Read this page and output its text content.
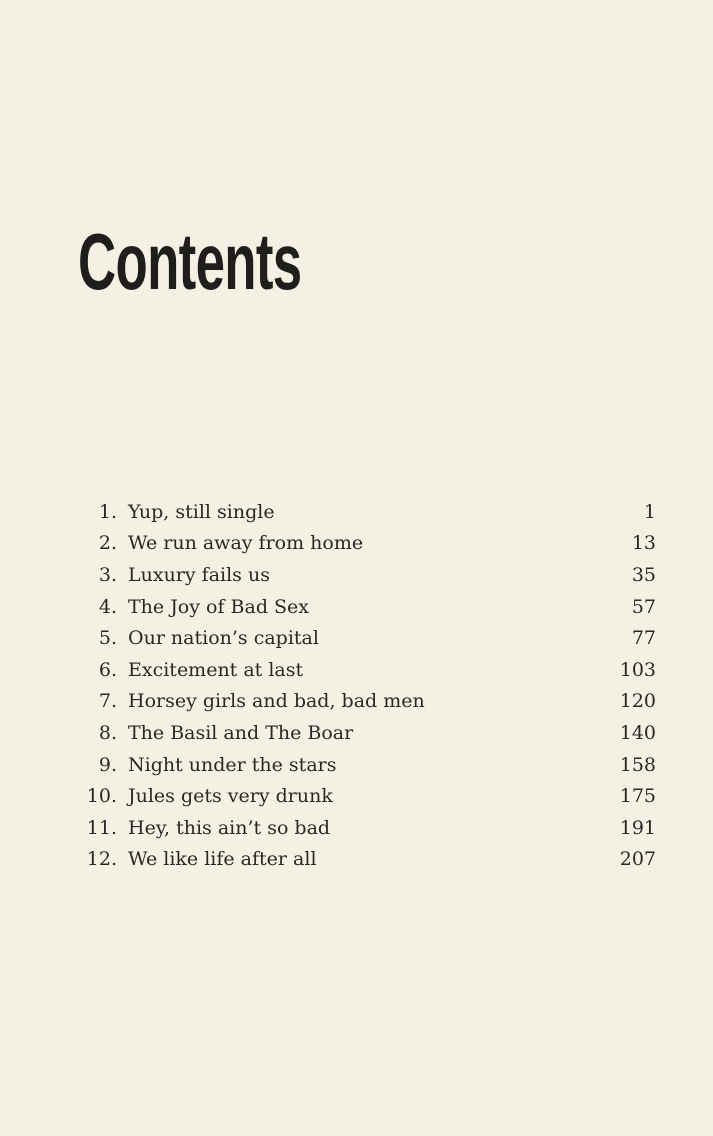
Contents
1. Yup, still single	1
2. We run away from home	13
3. Luxury fails us	35
4. The Joy of Bad Sex	57
5. Our nation’s capital	77
6. Excitement at last	103
7. Horsey girls and bad, bad men	120
8. The Basil and The Boar	140
9. Night under the stars	158
10. Jules gets very drunk	175
11. Hey, this ain’t so bad	191
12. We like life after all	207
